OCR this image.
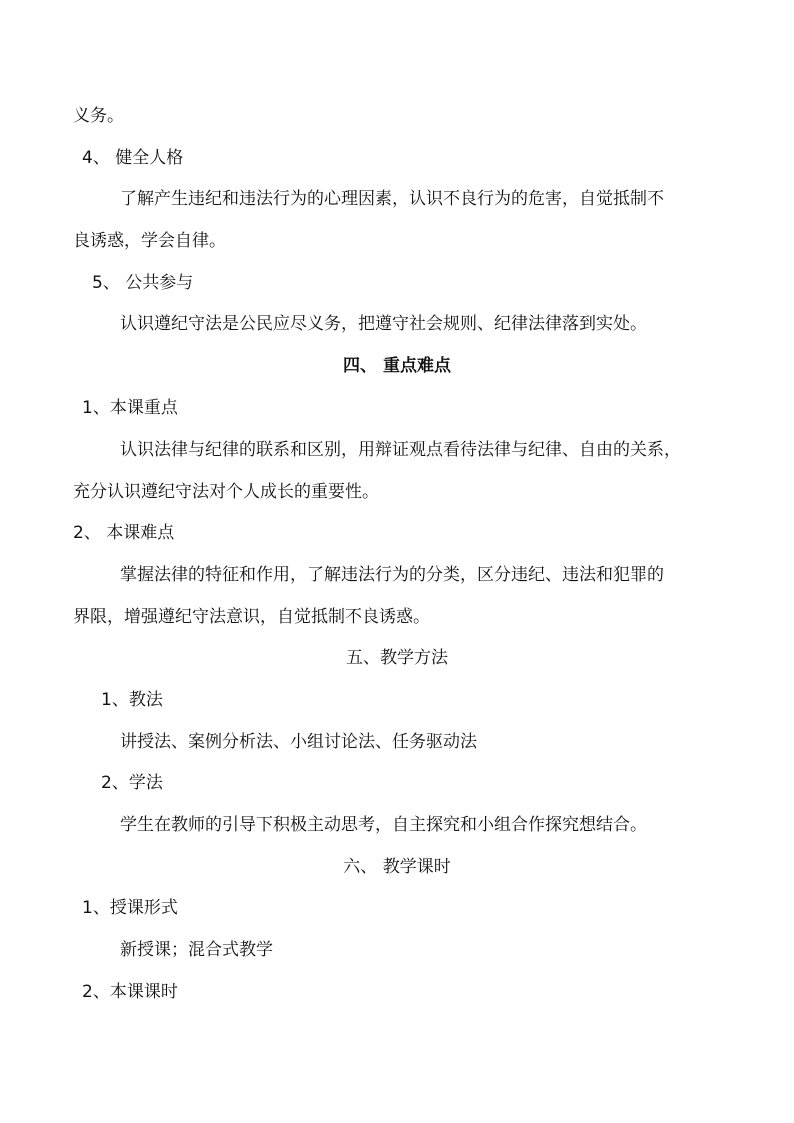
义务。
4、 健全人格
了解产生违纪和违法行为的心理因素，认识不良行为的危害，自觉抵制不
良诱惑，学会自律。
5、 公共参与
认识遵纪守法是公民应尽义务，把遵守社会规则、纪律法律落到实处。
四、 重点难点
1、本课重点
认识法律与纪律的联系和区别，用辩证观点看待法律与纪律、自由的关系，
充分认识遵纪守法对个人成长的重要性。
2、 本课难点
掌握法律的特征和作用，了解违法行为的分类，区分违纪、违法和犯罪的
界限，增强遵纪守法意识，自觉抵制不良诱惑。
五、教学方法
1、教法
讲授法、案例分析法、小组讨论法、任务驱动法
2、学法
学生在教师的引导下积极主动思考，自主探究和小组合作探究想结合。
六、 教学课时
1、授课形式
新授课；混合式教学
2、本课课时
